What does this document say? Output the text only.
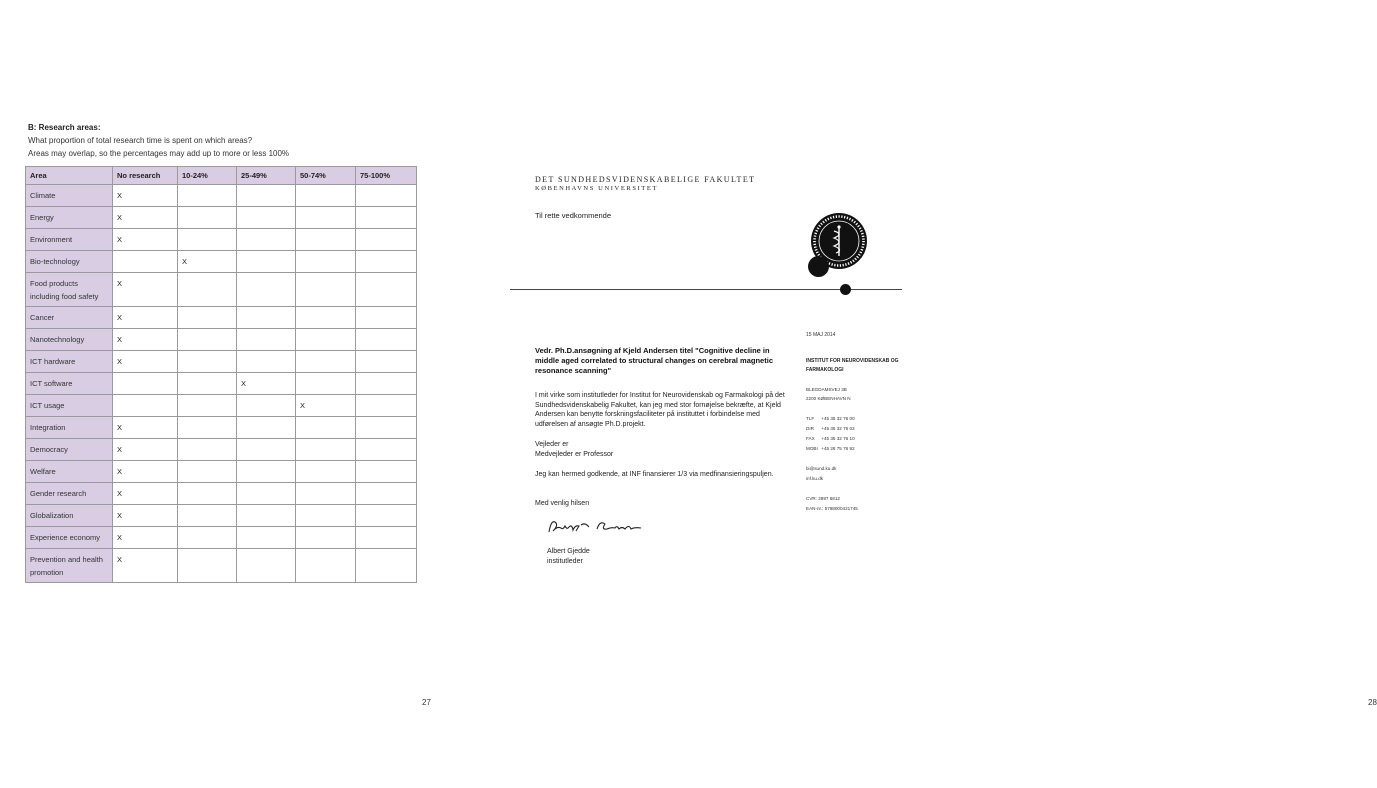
B: Research areas:
What proportion of total research time is spent on which areas?
Areas may overlap, so the percentages may add up to more or less 100%
Area	No research	10-24%	25-49%	50-74%	75-100%
Climate	X				
Energy	X				
Environment	X				
Bio-technology		X			
Food products including food safety	X				
Cancer	X				
Nanotechnology	X				
ICT hardware	X				
ICT software			X		
ICT usage				X	
Integration	X				
Democracy	X				
Welfare	X				
Gender research	X				
Globalization	X				
Experience economy	X				
Prevention and health promotion	X				
27
DET SUNDHEDSVIDENSKABELIGE FAKULTET
KØBENHAVNS UNIVERSITET
Til rette vedkommende
15 MAJ 2014
INSTITUT FOR NEUROVIDENSKAB OG FARMAKOLOGI
BLEGDAMSVEJ 3B
2200 KØBENHAVN N
TLF +45 35 32 76 00
DIR +45 35 32 76 02
FAX +45 35 32 76 10
MOBI +45 28 75 76 92
bi@sund.ku.dk
inf.ku.dk
CVR: 2997 6812
EAN-nr.: 5798000421745
Vedr. Ph.D.ansøgning af Kjeld Andersen titel "Cognitive decline in middle aged correlated to structural changes on cerebral magnetic resonance scanning"
I mit virke som institutleder for Institut for Neurovidenskab og Farmakologi på det Sundhedsvidenskabelig Fakultet, kan jeg med stor fornøjelse bekræfte, at Kjeld Andersen kan benytte forskningsfaciliteter på instituttet i forbindelse med udførelsen af ansøgte Ph.D.projekt.
Vejleder er
Medvejleder er Professor
Jeg kan hermed godkende, at INF finansierer 1/3 via medfinansieringspuljen.
Med venlig hilsen
Albert Gjedde
institutleder
28
